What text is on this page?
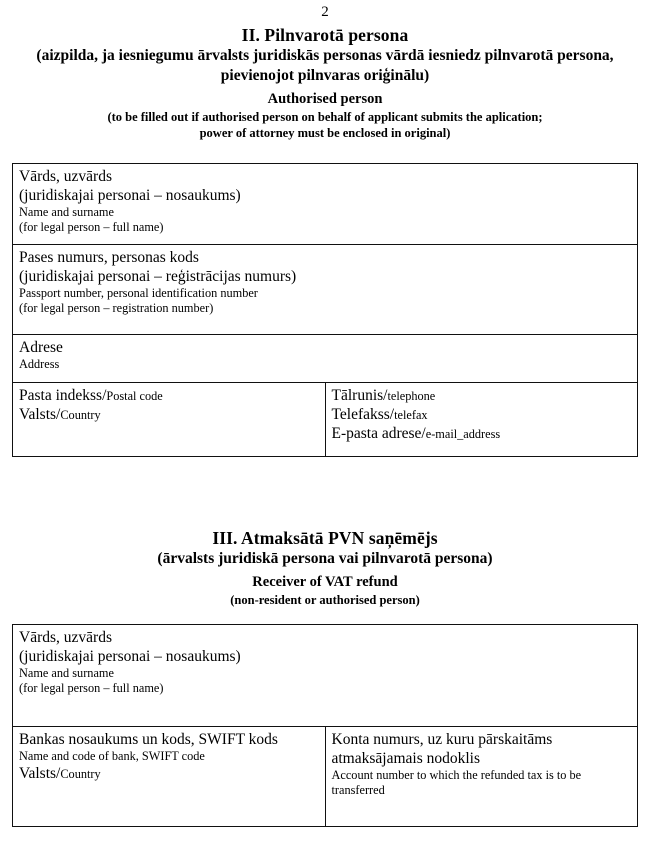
2
II. Pilnvarotā persona
(aizpilda, ja iesniegumu ārvalsts juridiskās personas vārdā iesniedz pilnvarotā persona,
pievienojot pilnvaras oriģinālu)
Authorised person
(to be filled out if authorised person on behalf of applicant submits the aplication;
power of attorney must be enclosed in original)
Vārds, uzvārds
(juridiskajai personai – nosaukums)
Name and surname
(for legal person – full name)

Pases numurs, personas kods
(juridiskajai personai – reģistrācijas numurs)
Passport number, personal identification number
(for legal person – registration number)

Adrese
Address

Pasta indekss/Postal code
Valsts/Country

Tālrunis/telephone
Telefakss/telefax
E-pasta adrese/e-mail_address
III. Atmaksātā PVN saņēmējs
(ārvalsts juridiskā persona vai pilnvarotā persona)
Receiver of VAT refund
(non-resident or authorised person)
Vārds, uzvārds
(juridiskajai personai – nosaukums)
Name and surname
(for legal person – full name)

Bankas nosaukums un kods, SWIFT kods
Name and code of bank, SWIFT code
Valsts/Country

Konta numurs, uz kuru pārskaitāms
atmaksājamais nodoklis
Account number to which the refunded tax is to be transferred
